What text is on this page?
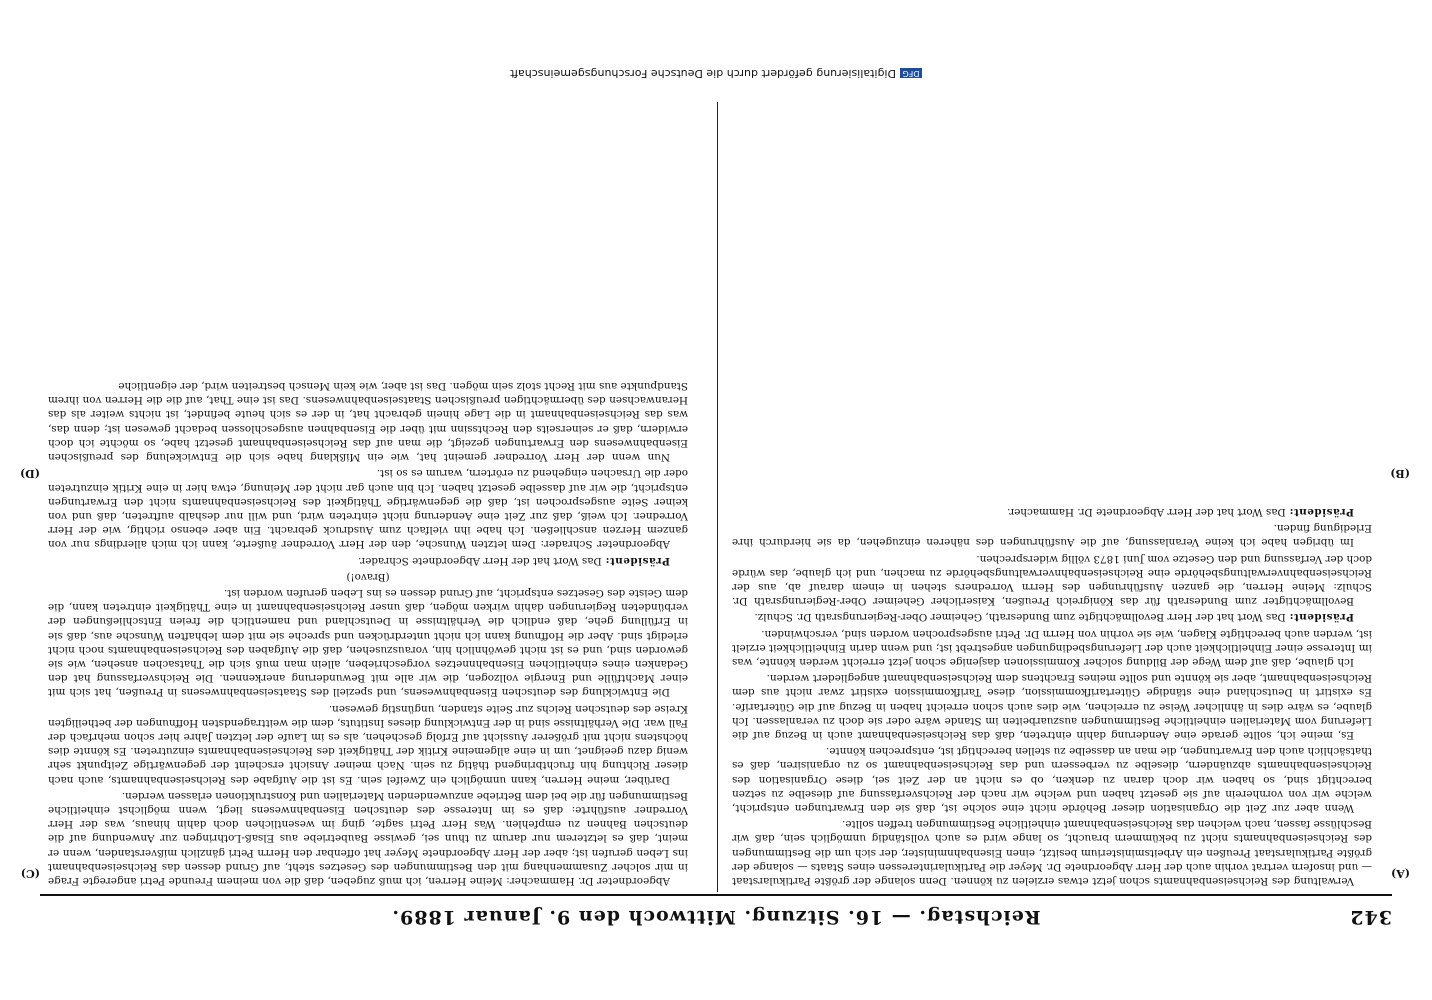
342
Reichstag. — 16. Sitzung. Mittwoch den 9. Januar 1889.
(A)
(B)
(C)
(D)

Verwaltung des Reichseisenbahnamts schon jetzt etwas erzielen zu können. Denn solange der größte Partikularstaat — und insofern vertrat vorhin auch der Herr Abgeordnete Dr. Meyer die Partikularinteressen eines Staats — solange der größte Partikularstaat Preußen ein Arbeitsministerium besitzt, einen Eisenbahnminister, der sich um die Bestimmungen des Reichseisenbahnamts nicht zu bekümmern braucht, so lange wird es auch vollständig unmöglich sein, daß wir Beschlüsse fassen, nach welchen das Reichseisenbahnamt einheitliche Bestimmungen treffen sollte.

Wenn aber zur Zeit die Organisation dieser Behörde nicht eine solche ist, daß sie den Erwartungen entspricht, welche wir von vornherein auf sie gesetzt haben und welche wir nach der Reichsverfassung auf dieselbe zu setzen berechtigt sind, so haben wir doch daran zu denken, ob es nicht an der Zeit sei, diese Organisation des Reichseisenbahnamts abzuändern, dieselbe zu verbessern und das Reichseisenbahnamt so zu organisiren, daß es thatsächlich auch den Erwartungen, die man an dasselbe zu stellen berechtigt ist, entsprechen könnte.

Es, meine ich, sollte gerade eine Aenderung dahin eintreten, daß das Reichseisenbahnamt auch in Bezug auf die Lieferung vom Materialien einheitliche Bestimmungen auszuarbeiten im Stande wäre oder sie doch zu veranlassen. Ich glaube, es wäre dies in ähnlicher Weise zu erreichen, wie dies auch schon erreicht haben in Bezug auf die Gütertarife. Es existirt in Deutschland eine ständige Gütertarifkommission, diese Tarifkommission existirt zwar nicht aus dem Reichseisenbahnamt, aber sie könnte und sollte meines Erachtens dem Reichseisenbahnamt angegliedert werden.

Ich glaube, daß auf dem Wege der Bildung solcher Kommissionen dasjenige schon jetzt erreicht werden könnte, was im Interesse einer Einheitlichkeit auch der Lieferungsbedingungen angestrebt ist; und wenn darin Einheitlichkeit erzielt ist, werden auch berechtigte Klagen, wie sie vorhin von Herrn Dr. Petri ausgesprochen worden sind, verschwinden.

Präsident: Das Wort hat der Herr Bevollmächtigte zum Bundesrath, Geheimer Ober-Regierungsrath Dr. Schulz.

Bevollmächtigter zum Bundesrath für das Königreich Preußen, Kaiserlicher Geheimer Ober-Regierungsrath Dr. Schulz: Meine Herren, die ganzen Ausführungen des Herrn Vorredners stehen in einem darauf ab, aus der Reichseisenbahnverwaltungsbehörde eine Reichseisenbahnverwaltungsbehörde zu machen, und ich glaube, das würde doch der Verfassung und den Gesetze vom Juni 1873 völlig widersprechen.

Im übrigen habe ich keine Veranlassung, auf die Ausführungen des näheren einzugehen, da sie hierdurch ihre Erledigung finden.

Präsident: Das Wort hat der Herr Abgeordnete Dr. Hammacher.

Abgeordneter Dr. Hammacher: Meine Herren, ich muß zugeben, daß die von meinem Freunde Petri angeregte Frage in mir solcher Zusammenhang mit den Bestimmungen des Gesetzes steht, auf Grund dessen das Reichseisenbahnamt ins Leben gerufen ist; aber der Herr Abgeordnete Meyer hat offenbar den Herrn Petri gänzlich mißverstanden, wenn er meint, daß es letzterem nur darum zu thun sei, gewisse Baubetriebe aus Elsaß-Lothringen zur Anwendung auf die deutschen Bahnen zu empfehlen. Was Herr Petri sagte, ging im wesentlichen doch dahin hinaus, was der Herr Vorredner ausführte: daß es im Interesse des deutschen Eisenbahnwesens liegt, wenn möglichst einheitliche Bestimmungen für die bei dem Betriebe anzuwendenden Materialien und Konstruktionen erlassen werden.

Darüber, meine Herren, kann unmöglich ein Zweifel sein. Es ist die Aufgabe des Reichseisenbahnamts, auch nach dieser Richtung hin fruchtbringend thätig zu sein. Nach meiner Ansicht erscheint der gegenwärtige Zeitpunkt sehr wenig dazu geeignet, um in eine allgemeine Kritik der Thätigkeit des Reichseisenbahnamts einzutreten. Es könnte dies höchstens nicht mit größerer Aussicht auf Erfolg geschehen, als es im Laufe der letzten Jahre hier schon mehrfach der Fall war. Die Verhältnisse sind in der Entwicklung dieses Instituts, dem die weittragendsten Hoffnungen der betheiligten Kreise des deutschen Reichs zur Seite standen, ungünstig gewesen.

Die Entwicklung des deutschen Eisenbahnwesens, und speziell des Staatseisenbahnwesens in Preußen, hat sich mit einer Machtfülle und Energie vollzogen, die wir alle mit Bewunderung anerkennen. Die Reichsverfassung hat den Gedanken eines einheitlichen Eisenbahnnetzes vorgeschrieben, allein man muß sich die Thatsachen ansehen, wie sie geworden sind, und es ist nicht gewöhnlich hin, vorauszusehen, daß die Aufgaben des Reichseisenbahnamts noch nicht erledigt sind. Aber die Hoffnung kann ich nicht unterdrücken und spreche sie mit dem lebhaften Wunsche aus, daß sie in Erfüllung gehe, daß endlich die Verhältnisse in Deutschland und namentlich die freien Entschließungen der verbündeten Regierungen dahin wirken mögen, daß unser Reichseisenbahnamt in eine Thätigkeit eintreten kann, die dem Geiste des Gesetzes entspricht, auf Grund dessen es ins Leben gerufen worden ist.

(Bravo!)

Präsident: Das Wort hat der Herr Abgeordnete Schrader.

Abgeordneter Schrader: Dem letzten Wunsche, den der Herr Vorredner äußerte, kann ich mich allerdings nur von ganzem Herzen anschließen. Ich habe ihn vielfach zum Ausdruck gebracht. Ein aber ebenso richtig, wie der Herr Vorredner. Ich weiß, daß zur Zeit eine Aenderung nicht eintreten wird, und will nur deshalb auftreten, daß und von keiner Seite ausgesprochen ist, daß die gegenwärtige Thätigkeit des Reichseisenbahnamts nicht den Erwartungen entspricht, die wir auf dasselbe gesetzt haben. Ich bin auch gar nicht der Meinung, etwa hier in eine Kritik einzutreten oder die Ursachen eingehend zu erörtern, warum es so ist.

Nun wenn der Herr Vorredner gemeint hat, wie ein Mißklang habe sich die Entwickelung des preußischen Eisenbahnwesens den Erwartungen gezeigt, die man auf das Reichseisenbahnamt gesetzt habe, so möchte ich doch erwidern, daß er seinerseits den Rechtssinn mit über die Eisenbahnen ausgeschlossen bedacht gewesen ist; denn das, was das Reichseisenbahnamt in die Lage hinein gebracht hat, in der es sich heute befindet, ist nichts weiter als das Heranwachsen des übermächtigen preußischen Staatseisenbahnwesens. Das ist eine That, auf die die Herren von ihrem Standpunkte aus mit Recht stolz sein mögen. Das ist aber, wie kein Mensch bestreiten wird, der eigentliche

DFGDigitalisierung gefördert durch die Deutsche Forschungsgemeinschaft
